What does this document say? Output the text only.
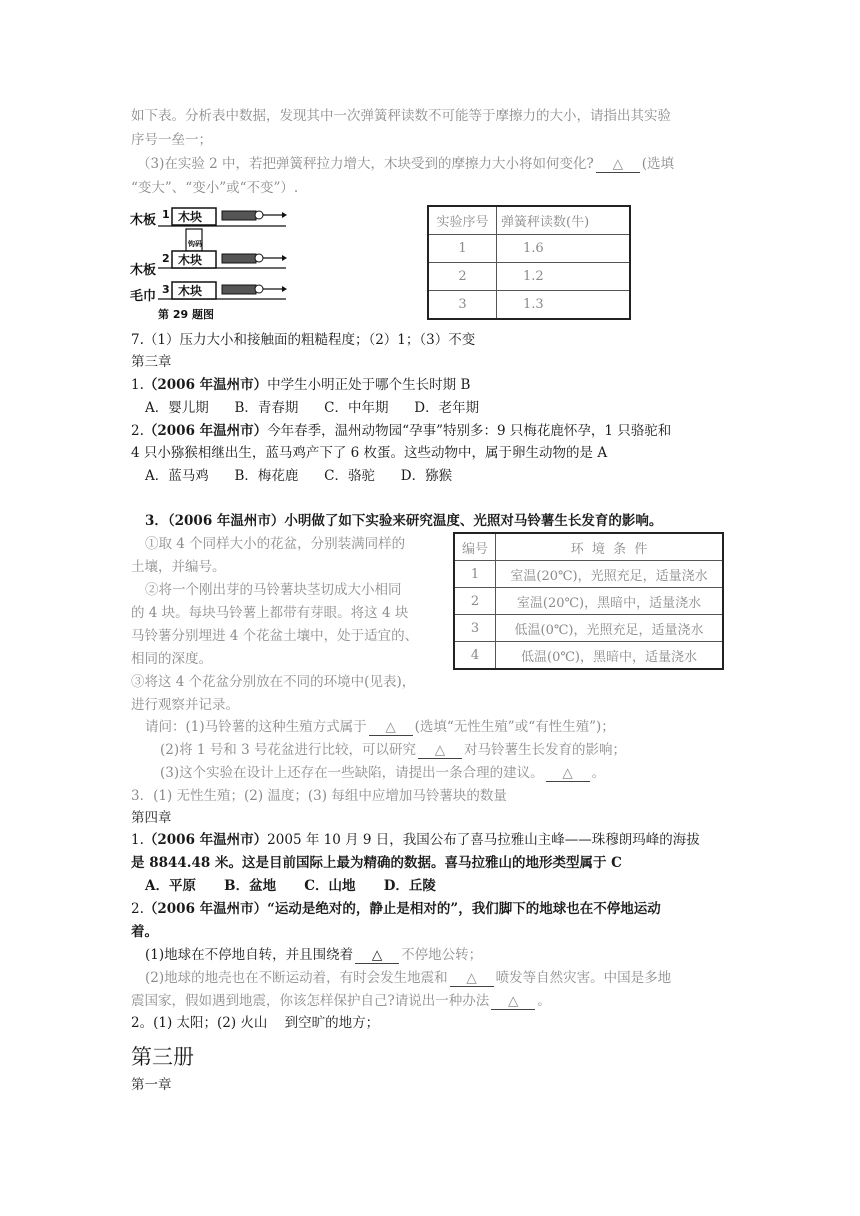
如下表。分析表中数据，发现其中一次弹簧秤读数不可能等于摩擦力的大小，请指出其实验
序号一垒一；
（3)在实验 2 中，若把弹簧秤拉力增大，木块受到的摩擦力大小将如何变化? △ (选填
“变大”、“变小”或“不变”）.
木板 1 木块
钩码
木板
2 木块
毛巾 3 木块
第 29 题图
实验序号	弹簧秤读数(牛)
1	1.6
2	1.2
3	1.3
7.（1）压力大小和接触面的粗糙程度；（2）1；（3）不变
第三章
1.（2006 年温州市）中学生小明正处于哪个生长时期 B
A．婴儿期      B．青春期      C．中年期      D．老年期
2.（2006 年温州市）今年春季，温州动物园“孕事”特别多：9 只梅花鹿怀孕，1 只骆驼和
4 只小猕猴相继出生，蓝马鸡产下了 6 枚蛋。这些动物中，属于卵生动物的是 A
A．蓝马鸡      B．梅花鹿      C．骆驼      D．猕猴
3．（2006 年温州市）小明做了如下实验来研究温度、光照对马铃薯生长发育的影响。
①取 4 个同样大小的花盆，分别装满同样的
土壤，并编号。
②将一个刚出芽的马铃薯块茎切成大小相同
的 4 块。每块马铃薯上都带有芽眼。将这 4 块
马铃薯分别埋进 4 个花盆土壤中，处于适宜的、
相同的深度。
③将这 4 个花盆分别放在不同的环境中(见表)，
进行观察并记录。
编号	环  境  条  件
1	室温(20℃)，光照充足，适量浇水
2	室温(20℃)，黑暗中，适量浇水
3	低温(0℃)，光照充足，适量浇水
4	低温(0℃)，黑暗中，适量浇水
请问：(1)马铃薯的这种生殖方式属于 △ (选填“无性生殖”或“有性生殖”)；
(2)将 1 号和 3 号花盆进行比较，可以研究 △ 对马铃薯生长发育的影响；
(3)这个实验在设计上还存在一些缺陷，请提出一条合理的建议。 △ 。
3．(1) 无性生殖；(2) 温度；(3) 每组中应增加马铃薯块的数量
第四章
1.（2006 年温州市）2005 年 10 月 9 日，我国公布了喜马拉雅山主峰——珠穆朗玛峰的海拔
是 8844.48 米。这是目前国际上最为精确的数据。喜马拉雅山的地形类型属于 C
A．平原      B．盆地      C．山地      D．丘陵
2.（2006 年温州市）“运动是绝对的，静止是相对的”，我们脚下的地球也在不停地运动
着。
(1)地球在不停地自转，并且围绕着 △ 不停地公转；
(2)地球的地壳也在不断运动着，有时会发生地震和 △ 喷发等自然灾害。中国是多地
震国家，假如遇到地震，你该怎样保护自己?请说出一种办法 △ 。
2。(1) 太阳；(2) 火山    到空旷的地方；
第三册
第一章
